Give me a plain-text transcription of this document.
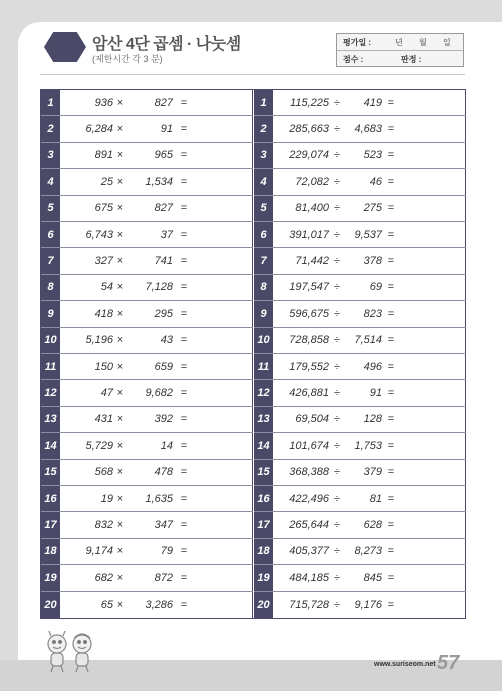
암산 4단 곱셈 · 나눗셈
(제한시간 각 3 분)
평가일 :	년 월 일
점수 :	판정 :
1	936 ×	827 =
2	6,284 ×	91 =
3	891 ×	965 =
4	25 ×	1,534 =
5	675 ×	827 =
6	6,743 ×	37 =
7	327 ×	741 =
8	54 ×	7,128 =
9	418 ×	295 =
10	5,196 ×	43 =
11	150 ×	659 =
12	47 ×	9,682 =
13	431 ×	392 =
14	5,729 ×	14 =
15	568 ×	478 =
16	19 ×	1,635 =
17	832 ×	347 =
18	9,174 ×	79 =
19	682 ×	872 =
20	65 ×	3,286 =
1	115,225 ÷	419 =
2	285,663 ÷	4,683 =
3	229,074 ÷	523 =
4	72,082 ÷	46 =
5	81,400 ÷	275 =
6	391,017 ÷	9,537 =
7	71,442 ÷	378 =
8	197,547 ÷	69 =
9	596,675 ÷	823 =
10	728,858 ÷	7,514 =
11	179,552 ÷	496 =
12	426,881 ÷	91 =
13	69,504 ÷	128 =
14	101,674 ÷	1,753 =
15	368,388 ÷	379 =
16	422,496 ÷	81 =
17	265,644 ÷	628 =
18	405,377 ÷	8,273 =
19	484,185 ÷	845 =
20	715,728 ÷	9,176 =
www.suriseom.net 57
